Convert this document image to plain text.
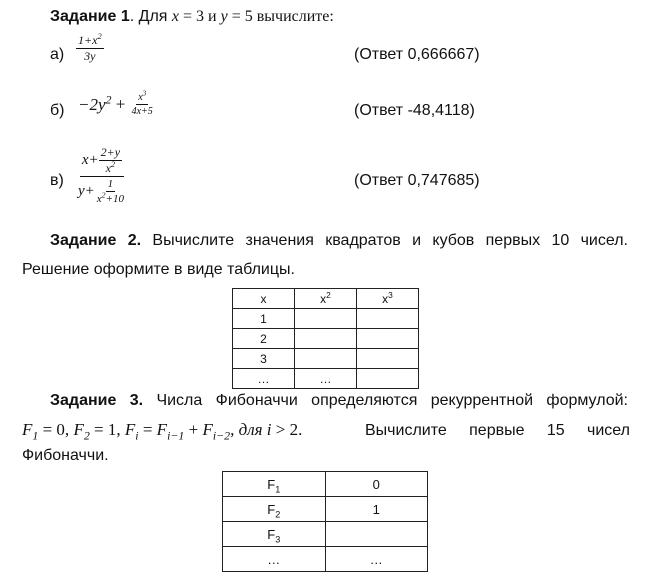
Задание 1. Для x = 3 и y = 5 вычислите:
$а) \frac{1+x^2}{3y}$	(Ответ 0,666667)
$б) -2y^2 + \frac{x^3}{4x+5}$	(Ответ -48,4118)
$в) \frac{x+ \frac{2+y}{x^2}}{y+ \frac{1}{x^2+10}}$	(Ответ 0,747685)
Задание 2. Вычислите значения квадратов и кубов первых 10 чисел.
Решение оформите в виде таблицы.
x	$x^2$	$x^3$
1		
2		
3		
…	…	
Задание 3. Числа Фибоначчи определяются рекуррентной формулой:
$F_1 = 0$, $F_2 = 1$, $F_i = F_{i-1} + F_{i-2}$, для i > 2.	Вычислите первые 15 чисел
Фибоначчи.
$F_1$	0
$F_2$	1
$F_3$	
…	…
